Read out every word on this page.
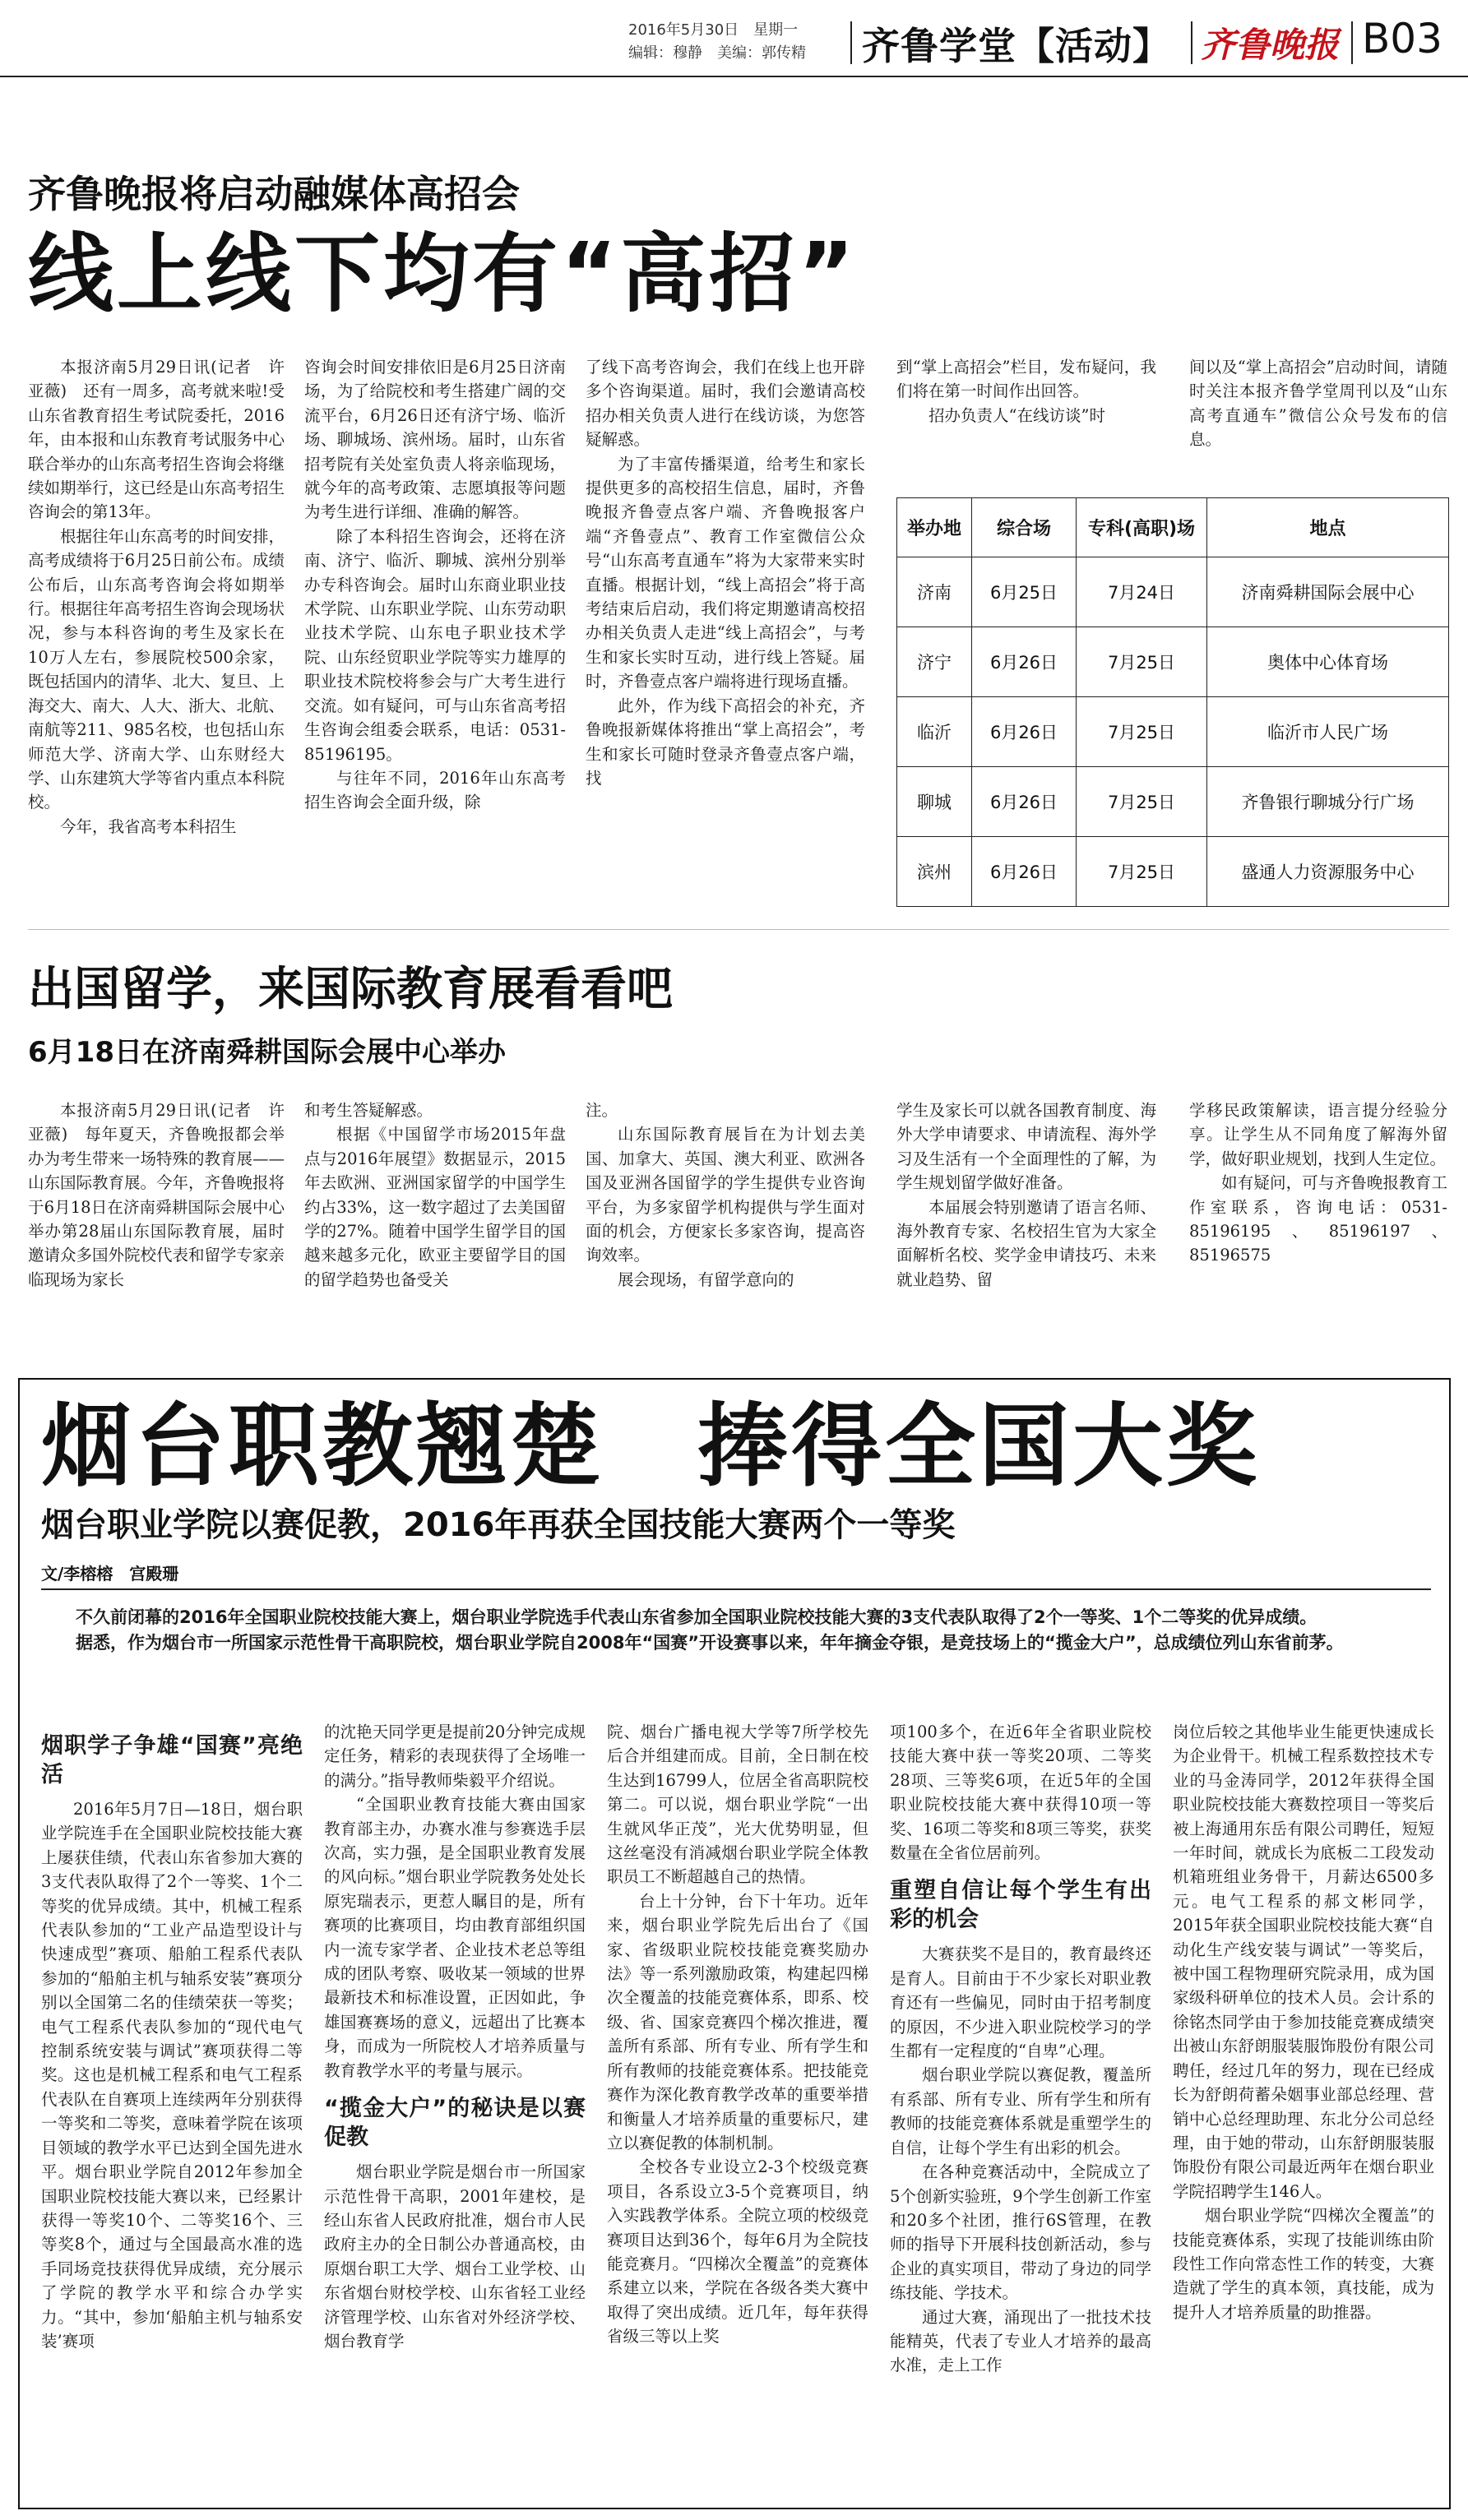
2016年5月30日　星期一
编辑：穆静　美编：郭传精 齐鲁学堂【活动】 齐鲁晚报 B03
齐鲁晚报将启动融媒体高招会
线上线下均有“高招”

本报济南5月29日讯(记者　许亚薇)　还有一周多，高考就来啦!受山东省教育招生考试院委托，2016年，由本报和山东教育考试服务中心联合举办的山东高考招生咨询会将继续如期举行，这已经是山东高考招生咨询会的第13年。

根据往年山东高考的时间安排，高考成绩将于6月25日前公布。成绩公布后，山东高考咨询会将如期举行。根据往年高考招生咨询会现场状况，参与本科咨询的考生及家长在10万人左右，参展院校500余家，既包括国内的清华、北大、复旦、上海交大、南大、人大、浙大、北航、南航等211、985名校，也包括山东师范大学、济南大学、山东财经大学、山东建筑大学等省内重点本科院校。

今年，我省高考本科招生

咨询会时间安排依旧是6月25日济南场，为了给院校和考生搭建广阔的交流平台，6月26日还有济宁场、临沂场、聊城场、滨州场。届时，山东省招考院有关处室负责人将亲临现场，就今年的高考政策、志愿填报等问题为考生进行详细、准确的解答。

除了本科招生咨询会，还将在济南、济宁、临沂、聊城、滨州分别举办专科咨询会。届时山东商业职业技术学院、山东职业学院、山东劳动职业技术学院、山东电子职业技术学院、山东经贸职业学院等实力雄厚的职业技术院校将参会与广大考生进行交流。如有疑问，可与山东省高考招生咨询会组委会联系，电话：0531-85196195。

与往年不同，2016年山东高考招生咨询会全面升级，除

了线下高考咨询会，我们在线上也开辟多个咨询渠道。届时，我们会邀请高校招办相关负责人进行在线访谈，为您答疑解惑。

为了丰富传播渠道，给考生和家长提供更多的高校招生信息，届时，齐鲁晚报齐鲁壹点客户端、齐鲁晚报客户端“齐鲁壹点”、教育工作室微信公众号“山东高考直通车”将为大家带来实时直播。根据计划，“线上高招会”将于高考结束后启动，我们将定期邀请高校招办相关负责人走进“线上高招会”，与考生和家长实时互动，进行线上答疑。届时，齐鲁壹点客户端将进行现场直播。

此外，作为线下高招会的补充，齐鲁晚报新媒体将推出“掌上高招会”，考生和家长可随时登录齐鲁壹点客户端，找

到“掌上高招会”栏目，发布疑问，我们将在第一时间作出回答。

招办负责人“在线访谈”时

间以及“掌上高招会”启动时间，请随时关注本报齐鲁学堂周刊以及“山东高考直通车”微信公众号发布的信息。

举办地	综合场	专科(高职)场	地点
济南	6月25日	7月24日	济南舜耕国际会展中心
济宁	6月26日	7月25日	奥体中心体育场
临沂	6月26日	7月25日	临沂市人民广场
聊城	6月26日	7月25日	齐鲁银行聊城分行广场
滨州	6月26日	7月25日	盛通人力资源服务中心
出国留学，来国际教育展看看吧
6月18日在济南舜耕国际会展中心举办

本报济南5月29日讯(记者　许亚薇)　每年夏天，齐鲁晚报都会举办为考生带来一场特殊的教育展——山东国际教育展。今年，齐鲁晚报将于6月18日在济南舜耕国际会展中心举办第28届山东国际教育展，届时邀请众多国外院校代表和留学专家亲临现场为家长

和考生答疑解惑。

根据《中国留学市场2015年盘点与2016年展望》数据显示，2015年去欧洲、亚洲国家留学的中国学生约占33%，这一数字超过了去美国留学的27%。随着中国学生留学目的国越来越多元化，欧亚主要留学目的国的留学趋势也备受关

注。

山东国际教育展旨在为计划去美国、加拿大、英国、澳大利亚、欧洲各国及亚洲各国留学的学生提供专业咨询平台，为多家留学机构提供与学生面对面的机会，方便家长多家咨询，提高咨询效率。

展会现场，有留学意向的

学生及家长可以就各国教育制度、海外大学申请要求、申请流程、海外学习及生活有一个全面理性的了解，为学生规划留学做好准备。

本届展会特别邀请了语言名师、海外教育专家、名校招生官为大家全面解析名校、奖学金申请技巧、未来就业趋势、留

学移民政策解读，语言提分经验分享。让学生从不同角度了解海外留学，做好职业规划，找到人生定位。

如有疑问，可与齐鲁晚报教育工作室联系，咨询电话：0531-85196195、85196197、85196575

烟台职教翘楚　捧得全国大奖
烟台职业学院以赛促教，2016年再获全国技能大赛两个一等奖
文/李榕榕　宫殿珊

不久前闭幕的2016年全国职业院校技能大赛上，烟台职业学院选手代表山东省参加全国职业院校技能大赛的3支代表队取得了2个一等奖、1个二等奖的优异成绩。

据悉，作为烟台市一所国家示范性骨干高职院校，烟台职业学院自2008年“国赛”开设赛事以来，年年摘金夺银，是竞技场上的“揽金大户”，总成绩位列山东省前茅。

烟职学子争雄“国赛”亮绝活

2016年5月7日—18日，烟台职业学院连手在全国职业院校技能大赛上屡获佳绩，代表山东省参加大赛的3支代表队取得了2个一等奖、1个二等奖的优异成绩。其中，机械工程系代表队参加的“工业产品造型设计与快速成型”赛项、船舶工程系代表队参加的“船舶主机与轴系安装”赛项分别以全国第二名的佳绩荣获一等奖；电气工程系代表队参加的“现代电气控制系统安装与调试”赛项获得二等奖。这也是机械工程系和电气工程系代表队在自赛项上连续两年分别获得一等奖和二等奖，意味着学院在该项目领域的教学水平已达到全国先进水平。烟台职业学院自2012年参加全国职业院校技能大赛以来，已经累计获得一等奖10个、二等奖16个、三等奖8个，通过与全国最高水准的选手同场竞技获得优异成绩，充分展示了学院的教学水平和综合办学实力。“其中，参加‘船舶主机与轴系安装’赛项

的沈艳天同学更是提前20分钟完成规定任务，精彩的表现获得了全场唯一的满分。”指导教师柴毅平介绍说。

“全国职业教育技能大赛由国家教育部主办，办赛水准与参赛选手层次高，实力强，是全国职业教育发展的风向标。”烟台职业学院教务处处长原宪瑞表示，更惹人瞩目的是，所有赛项的比赛项目，均由教育部组织国内一流专家学者、企业技术老总等组成的团队考察、吸收某一领域的世界最新技术和标准设置，正因如此，争雄国赛赛场的意义，远超出了比赛本身，而成为一所院校人才培养质量与教育教学水平的考量与展示。

“揽金大户”的秘诀是以赛促教

烟台职业学院是烟台市一所国家示范性骨干高职，2001年建校，是经山东省人民政府批准，烟台市人民政府主办的全日制公办普通高校，由原烟台职工大学、烟台工业学校、山东省烟台财校学校、山东省轻工业经济管理学校、山东省对外经济学校、烟台教育学

院、烟台广播电视大学等7所学校先后合并组建而成。目前，全日制在校生达到16799人，位居全省高职院校第二。可以说，烟台职业学院“一出生就风华正茂”，光大优势明显，但这丝毫没有消减烟台职业学院全体教职员工不断超越自己的热情。

台上十分钟，台下十年功。近年来，烟台职业学院先后出台了《国家、省级职业院校技能竞赛奖励办法》等一系列激励政策，构建起四梯次全覆盖的技能竞赛体系，即系、校级、省、国家竞赛四个梯次推进，覆盖所有系部、所有专业、所有学生和所有教师的技能竞赛体系。把技能竞赛作为深化教育教学改革的重要举措和衡量人才培养质量的重要标尺，建立以赛促教的体制机制。

全校各专业设立2-3个校级竞赛项目，各系设立3-5个竞赛项目，纳入实践教学体系。全院立项的校级竞赛项目达到36个，每年6月为全院技能竞赛月。“四梯次全覆盖”的竞赛体系建立以来，学院在各级各类大赛中取得了突出成绩。近几年，每年获得省级三等以上奖

项100多个，在近6年全省职业院校技能大赛中获一等奖20项、二等奖28项、三等奖6项，在近5年的全国职业院校技能大赛中获得10项一等奖、16项二等奖和8项三等奖，获奖数量在全省位居前列。

重塑自信让每个学生有出彩的机会

大赛获奖不是目的，教育最终还是育人。目前由于不少家长对职业教育还有一些偏见，同时由于招考制度的原因，不少进入职业院校学习的学生都有一定程度的“自卑”心理。

烟台职业学院以赛促教，覆盖所有系部、所有专业、所有学生和所有教师的技能竞赛体系就是重塑学生的自信，让每个学生有出彩的机会。

在各种竞赛活动中，全院成立了5个创新实验班，9个学生创新工作室和20多个社团，推行6S管理，在教师的指导下开展科技创新活动，参与企业的真实项目，带动了身边的同学练技能、学技术。

通过大赛，涌现出了一批技术技能精英，代表了专业人才培养的最高水准，走上工作

岗位后较之其他毕业生能更快速成长为企业骨干。机械工程系数控技术专业的马金涛同学，2012年获得全国职业院校技能大赛数控项目一等奖后被上海通用东岳有限公司聘任，短短一年时间，就成长为底板二工段发动机箱班组业务骨干，月薪达6500多元。电气工程系的郝文彬同学，2015年获全国职业院校技能大赛“自动化生产线安装与调试”一等奖后，被中国工程物理研究院录用，成为国家级科研单位的技术人员。会计系的徐铭杰同学由于参加技能竞赛成绩突出被山东舒朗服装服饰股份有限公司聘任，经过几年的努力，现在已经成长为舒朗荷蓄朵姻事业部总经理、营销中心总经理助理、东北分公司总经理，由于她的带动，山东舒朗服装服饰股份有限公司最近两年在烟台职业学院招聘学生146人。

烟台职业学院“四梯次全覆盖”的技能竞赛体系，实现了技能训练由阶段性工作向常态性工作的转变，大赛造就了学生的真本领，真技能，成为提升人才培养质量的助推器。
